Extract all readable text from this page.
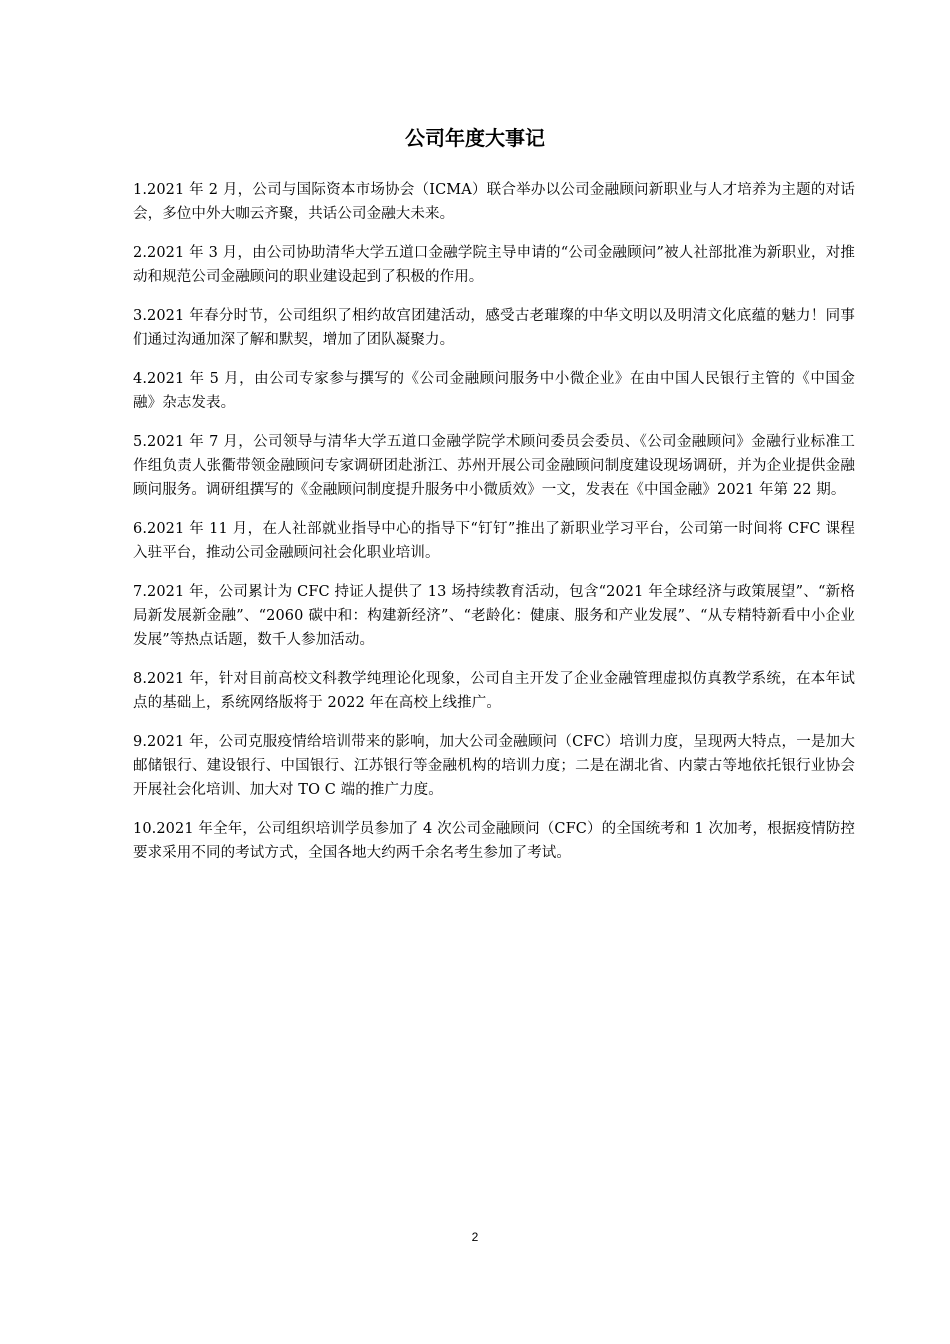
公司年度大事记

1.2021 年 2 月，公司与国际资本市场协会（ICMA）联合举办以公司金融顾问新职业与人才培养为主题的对话会，多位中外大咖云齐聚，共话公司金融大未来。

2.2021 年 3 月，由公司协助清华大学五道口金融学院主导申请的“公司金融顾问”被人社部批准为新职业，对推动和规范公司金融顾问的职业建设起到了积极的作用。

3.2021 年春分时节，公司组织了相约故宫团建活动，感受古老璀璨的中华文明以及明清文化底蕴的魅力！同事们通过沟通加深了解和默契，增加了团队凝聚力。

4.2021 年 5 月，由公司专家参与撰写的《公司金融顾问服务中小微企业》在由中国人民银行主管的《中国金融》杂志发表。

5.2021 年 7 月，公司领导与清华大学五道口金融学院学术顾问委员会委员、《公司金融顾问》金融行业标准工作组负责人张衢带领金融顾问专家调研团赴浙江、苏州开展公司金融顾问制度建设现场调研，并为企业提供金融顾问服务。调研组撰写的《金融顾问制度提升服务中小微质效》一文，发表在《中国金融》2021 年第 22 期。

6.2021 年 11 月，在人社部就业指导中心的指导下“钉钉”推出了新职业学习平台，公司第一时间将 CFC 课程入驻平台，推动公司金融顾问社会化职业培训。

7.2021 年，公司累计为 CFC 持证人提供了 13 场持续教育活动，包含“2021 年全球经济与政策展望”、“新格局新发展新金融”、“2060 碳中和：构建新经济”、“老龄化：健康、服务和产业发展”、“从专精特新看中小企业发展”等热点话题，数千人参加活动。

8.2021 年，针对目前高校文科教学纯理论化现象，公司自主开发了企业金融管理虚拟仿真教学系统，在本年试点的基础上，系统网络版将于 2022 年在高校上线推广。

9.2021 年，公司克服疫情给培训带来的影响，加大公司金融顾问（CFC）培训力度，呈现两大特点，一是加大邮储银行、建设银行、中国银行、江苏银行等金融机构的培训力度；二是在湖北省、内蒙古等地依托银行业协会开展社会化培训、加大对 TO C 端的推广力度。

10.2021 年全年，公司组织培训学员参加了 4 次公司金融顾问（CFC）的全国统考和 1 次加考，根据疫情防控要求采用不同的考试方式，全国各地大约两千余名考生参加了考试。

2
